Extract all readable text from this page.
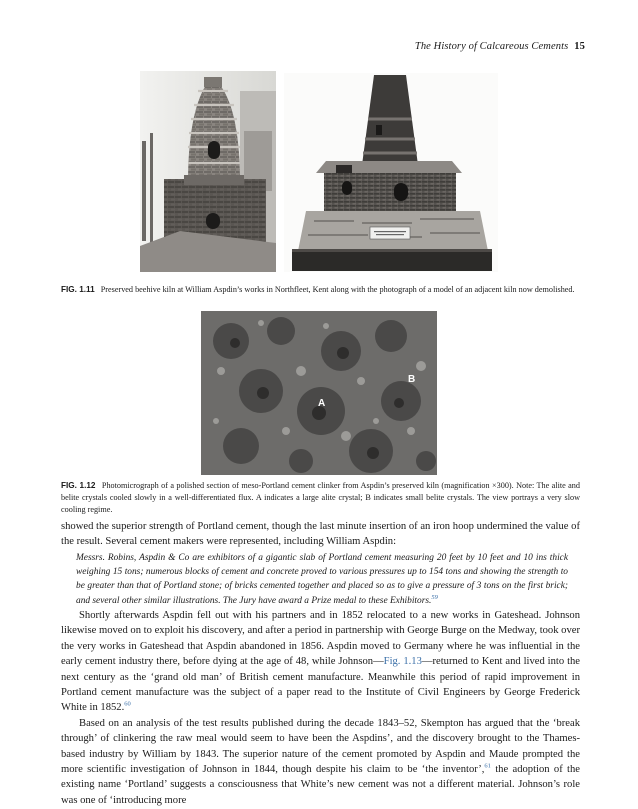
The History of Calcareous Cements 15
FIG. 1.11 Preserved beehive kiln at William Aspdin’s works in Northfleet, Kent along with the photograph of a model of an adjacent kiln now demolished.
A
B
FIG. 1.12 Photomicrograph of a polished section of meso-Portland cement clinker from Aspdin’s preserved kiln (magnification ×300). Note: The alite and belite crystals cooled slowly in a well-differentiated flux. A indicates a large alite crystal; B indicates small belite crystals. The view portrays a very slow cooling regime.

showed the superior strength of Portland cement, though the last minute insertion of an iron hoop undermined the value of the result. Several cement makers were represented, including William Aspdin:

Messrs. Robins, Aspdin & Co are exhibitors of a gigantic slab of Portland cement measuring 20 feet by 10 feet and 10 ins thick weighing 15 tons; numerous blocks of cement and concrete proved to various pressures up to 154 tons and showing the strength to be greater than that of Portland stone; of bricks cemented together and placed so as to give a pressure of 3 tons on the first brick; and several other similar illustrations. The Jury have award a Prize medal to these Exhibitors.$^{59}$

Shortly afterwards Aspdin fell out with his partners and in 1852 relocated to a new works in Gateshead. Johnson likewise moved on to exploit his discovery, and after a period in partnership with George Burge on the Medway, took over the very works in Gateshead that Aspdin abandoned in 1856. Aspdin moved to Germany where he was influential in the early cement industry there, before dying at the age of 48, while Johnson—Fig. 1.13—returned to Kent and lived into the next century as the ‘grand old man’ of British cement manufacture. Meanwhile this period of rapid improvement in Portland cement manufacture was the subject of a paper read to the Institute of Civil Engineers by George Frederick White in 1852.60

Based on an analysis of the test results published during the decade 1843–52, Skempton has argued that the ‘break through’ of clinkering the raw meal would seem to have been the Aspdins’, and the discovery brought to the Thames-based industry by William by 1843. The superior nature of the cement promoted by Aspdin and Maude prompted the more scientific investigation of Johnson in 1844, though despite his claim to be ‘the inventor’,$^{61}$ the adoption of the existing name ‘Portland’ suggests a consciousness that White’s new cement was not a different material. Johnson’s role was one of ‘introducing more
